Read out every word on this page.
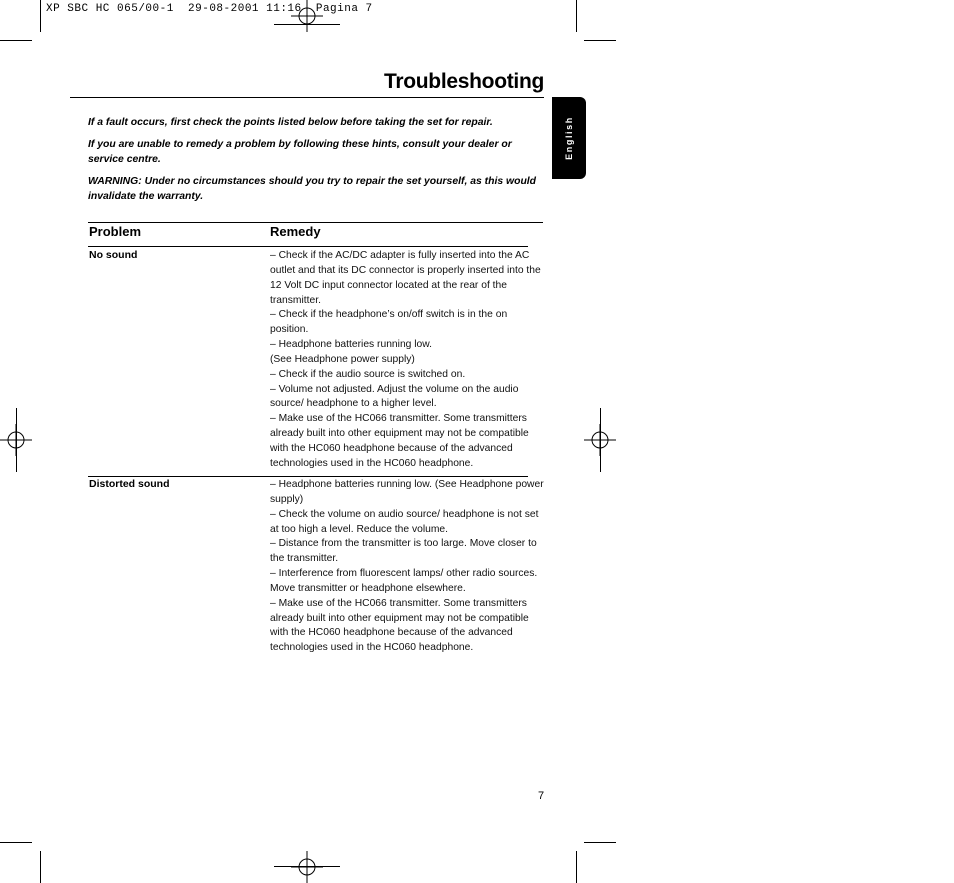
XP SBC HC 065/00-1  29-08-2001 11:16  Pagina 7
Troubleshooting
English

If a fault occurs, first check the points listed below before taking the set for repair.

If you are unable to remedy a problem by following these hints, consult your dealer or service centre.

WARNING: Under no circumstances should you try to repair the set yourself, as this would invalidate the warranty.

Problem	Remedy
No sound	– Check if the AC/DC adapter is fully inserted into the AC outlet and that its DC connector is properly inserted into the 12 Volt DC input connector located at the rear of the transmitter.
– Check if the headphone’s on/off switch is in the on position.
– Headphone batteries running low.
(See Headphone power supply)
– Check if the audio source is switched on.
– Volume not adjusted. Adjust the volume on the audio source/ headphone to a higher level.
– Make use of the HC066 transmitter. Some transmitters already built into other equipment may not be compatible with the HC060 headphone because of the advanced technologies used in the HC060 headphone.
Distorted sound	– Headphone batteries running low. (See Headphone power supply)
– Check the volume on audio source/ headphone is not set at too high a level. Reduce the volume.
– Distance from the transmitter is too large. Move closer to the transmitter.
– Interference from fluorescent lamps/ other radio sources. Move transmitter or headphone elsewhere.
– Make use of the HC066 transmitter. Some transmitters already built into other equipment may not be compatible with the HC060 headphone because of the advanced technologies used in the HC060 headphone.
7
